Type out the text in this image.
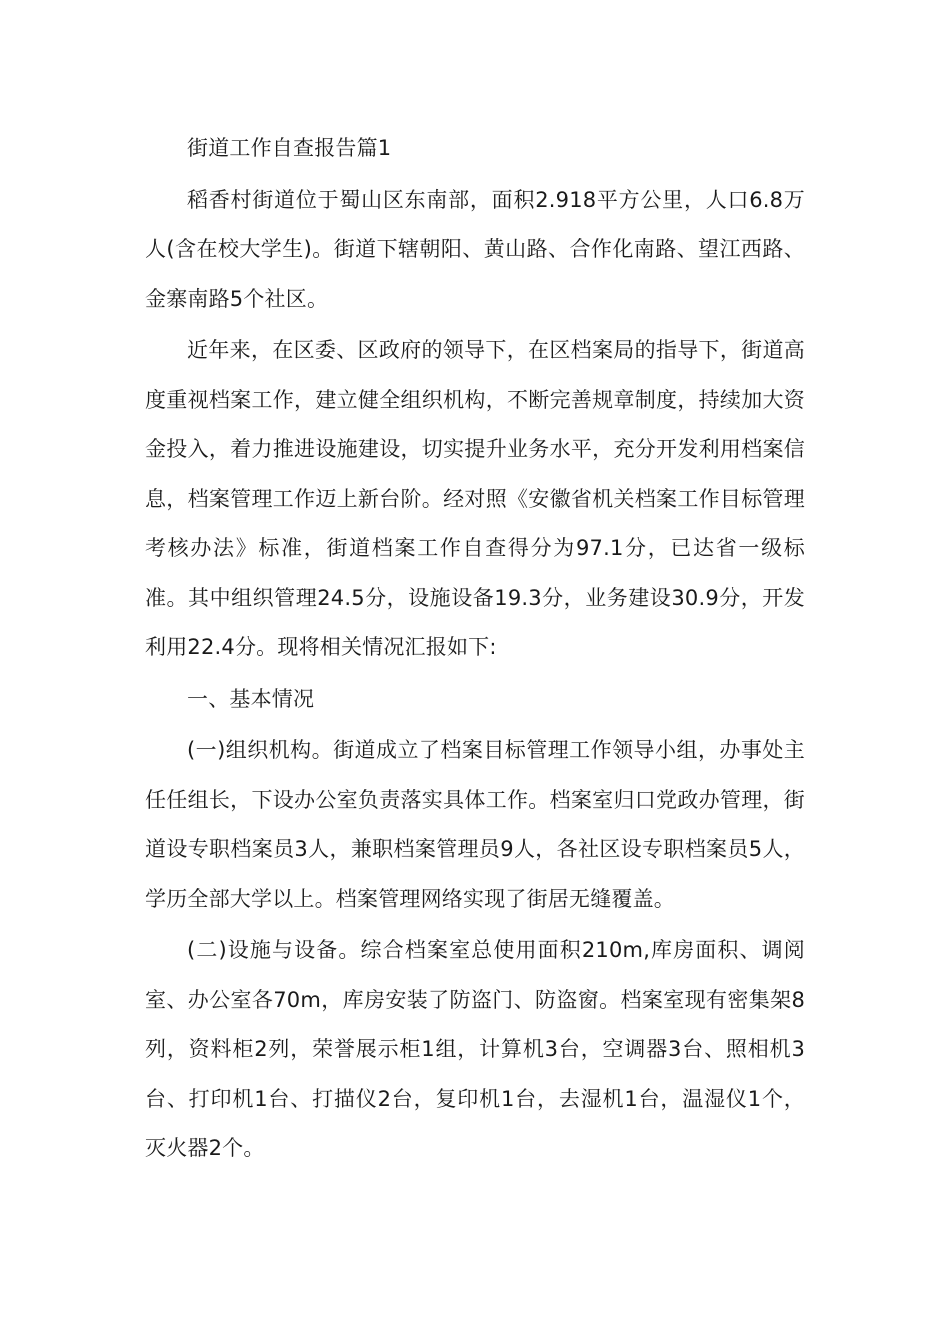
街道工作自查报告篇1

稻香村街道位于蜀山区东南部，面积2.918平方公里，人口6.8万人(含在校大学生)。街道下辖朝阳、黄山路、合作化南路、望江西路、金寨南路5个社区。

近年来，在区委、区政府的领导下，在区档案局的指导下，街道高度重视档案工作，建立健全组织机构，不断完善规章制度，持续加大资金投入，着力推进设施建设，切实提升业务水平，充分开发利用档案信息，档案管理工作迈上新台阶。经对照《安徽省机关档案工作目标管理考核办法》标准，街道档案工作自查得分为97.1分，已达省一级标准。其中组织管理24.5分，设施设备19.3分，业务建设30.9分，开发利用22.4分。现将相关情况汇报如下:

一、基本情况

(一)组织机构。街道成立了档案目标管理工作领导小组，办事处主任任组长，下设办公室负责落实具体工作。档案室归口党政办管理，街道设专职档案员3人，兼职档案管理员9人，各社区设专职档案员5人，学历全部大学以上。档案管理网络实现了街居无缝覆盖。

(二)设施与设备。综合档案室总使用面积210m,库房面积、调阅室、办公室各70m，库房安装了防盗门、防盗窗。档案室现有密集架8列，资料柜2列，荣誉展示柜1组，计算机3台，空调器3台、照相机3台、打印机1台、打描仪2台，复印机1台，去湿机1台，温湿仪1个，灭火器2个。
